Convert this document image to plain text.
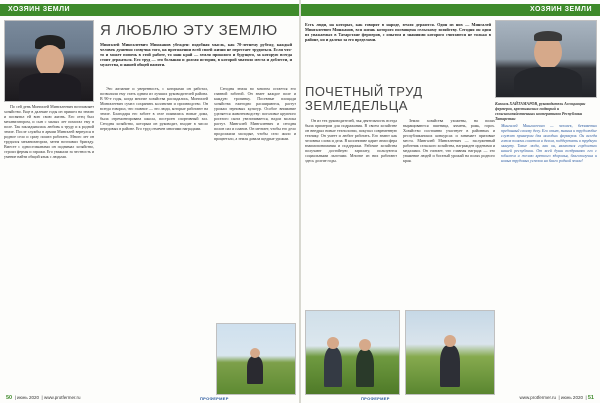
ХОЗЯИН ЗЕМЛИ
Я ЛЮБЛЮ ЭТУ ЗЕМЛЮ
Мингалей Мингалеевич Минжанов убежден: подобная мысль, как 70-летнему рубежу, каждый человек душевно созвучна того, на протяжении всей своей жизни не перестает трудиться. Если что-то и может помочь в этой работе, то наш край — земля прошлого и будущего, за которую всегда стоит держаться. Его труд — это большая и долгая история, в которой хватило места и доблести, и мужества, и нашей общей памяти.

По сей день Мингалей Мингалеевич возглавляет хозяйство. Еще в далекие годы он пришел на землю и посвятил ей всю свою жизнь. Его отец был механизатором, и сын с малых лет помогал ему в поле. Так закладывалась любовь к труду и к родной земле. После службы в армии Мингалей вернулся в родное село и сразу пошел работать. Много лет он трудился механизатором, затем возглавил бригаду. Вместе с односельчанами он поднимал хозяйство, строил фермы и гаражи. Его уважали за честность и умение найти общий язык с людьми.

Это желание и уверенность, с которыми он работал, позволили ему стать одним из лучших руководителей района. В 90-е годы, когда многие хозяйства распадались, Мингалей Мингалеевич сумел сохранить коллектив и производство. Он всегда говорил, что главное — это люди, которые работают на земле. Благодаря его заботе в селе появились новые дома, была отремонтирована школа, построен спортивный зал. Сегодня хозяйство, которым он руководит, входит в число передовых в районе. Его труд отмечен многими наградами.

Сегодня земля во многом остается его главной заботой. Он знает каждое поле и каждую тропинку. Посевные площади хозяйства ежегодно расширяются, растут урожаи зерновых культур. Особое внимание уделяется животноводству: поголовье крупного рогатого скота увеличивается, надои молока растут. Мингалей Мингалеевич и сегодня полон сил и планов. Он мечтает, чтобы его дело продолжили молодые, чтобы село жило и процветало, а земля давала щедрые урожаи.

50  | июнь 2020  | www.protfermer.ru	ПРОФЕРМЕР
ХОЗЯИН ЗЕМЛИ
Есть люди, на которых, как говорят в народе, земля держится. Один из них — Мингалей Мингалеевич Минжанов, вся жизнь которого посвящена сельскому хозяйству. Сегодня он один из уважаемых в Татарстане фермеров, с опытом и знаниями которого считаются не только в районе, но и далеко за его пределами.
Камиль ХАЙТАМАРОВ, руководитель Ассоциации фермеров, крестьянских подворий и сельскохозяйственных кооперативов Республики Татарстан
ПОЧЕТНЫЙ ТРУД ЗЕМЛЕДЕЛЬЦА

Он из тех руководителей, чья деятельность всегда была примером для подражания. В своем хозяйстве он внедрял новые технологии, покупал современную технику. Он умеет и любит работать. Его знают как человека слова и дела. В коллективе царит атмосфера взаимопонимания и поддержки. Рабочие хозяйства получают достойную зарплату, пользуются социальными льготами. Многие из них работают здесь долгие годы.

Земли хозяйства ухожены, на полях выращиваются пшеница, ячмень, рожь, горох. Хозяйство постоянно участвует в районных и республиканских конкурсах и занимает призовые места. Мингалей Мингалеевич — заслуженный работник сельского хозяйства, награжден орденами и медалями. Он считает, что главная награда — это уважение людей и богатый урожай на полях родного края.

Мингалей Мингалеевич — человек, беззаветно преданный своему делу. Его опыт, знания и трудолюбие служат примером для молодых фермеров. Он всегда готов помочь советом и делом, поддержать в трудную минуту. Такие люди, как он, являются гордостью нашей республики. От всей души поздравляю его с юбилеем и желаю крепкого здоровья, благополучия и новых трудовых успехов на благо родной земли!
www.protfermer.ru  | июнь 2020  | 51
ПРОФЕРМЕР
